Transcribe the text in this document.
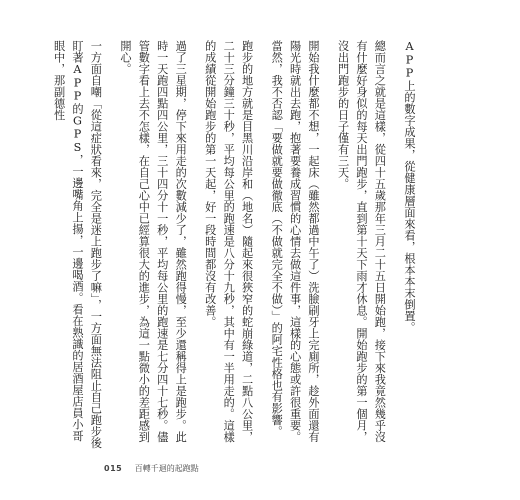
APP上的數字成果，從健康層面來看，根本本末倒置。

總而言之就是這樣，從四十五歲那年三月二十五日開始跑，接下來我竟然幾乎沒有什麼好身似的每天出門跑步，直到第十天下雨才休息。開始跑步的第一個月，沒出門跑步的日子僅有三天。

開始我什麼都不想，一起床（雖然都過中午了）洗臉刷牙上完廁所，趁外面還有陽光時就出去跑，抱著要養成習慣的心情去做這件事，這樣的心態或許很重要。當然，我不否認「要做就要做徹底（不做就完全不做）」的阿宅性格也有影響。

跑步的地方就是目黑川沿岸和（地名）隨起來很狹窄的蛇崩綠道，二點八公里，二十三分鐘三十秒，平均每公里的跑速是八分十九秒，其中有一半用走的。這樣的成績從開始跑步的第一天起，好一段時間都沒有改善。

過了三星期，停下來用走的次數減少了，雖然跑得慢，至少還稱得上是跑步。此時一天跑四點四公里，三十四分十一秒，平均每公里的跑速是七分四十七秒。儘管數字看上去不怎樣，在自己心中已經算很大的進步，為這一點微小的差距感到開心。

一方面自嘲「從這症狀看來，完全是迷上跑步了嘛」，一方面無法阻止自己跑步後盯著APP的GPS，一邊嘴角上揚，一邊喝酒。看在熟識的居酒屋店員小哥眼中，那副德性

015 百轉千迴的起跑點
